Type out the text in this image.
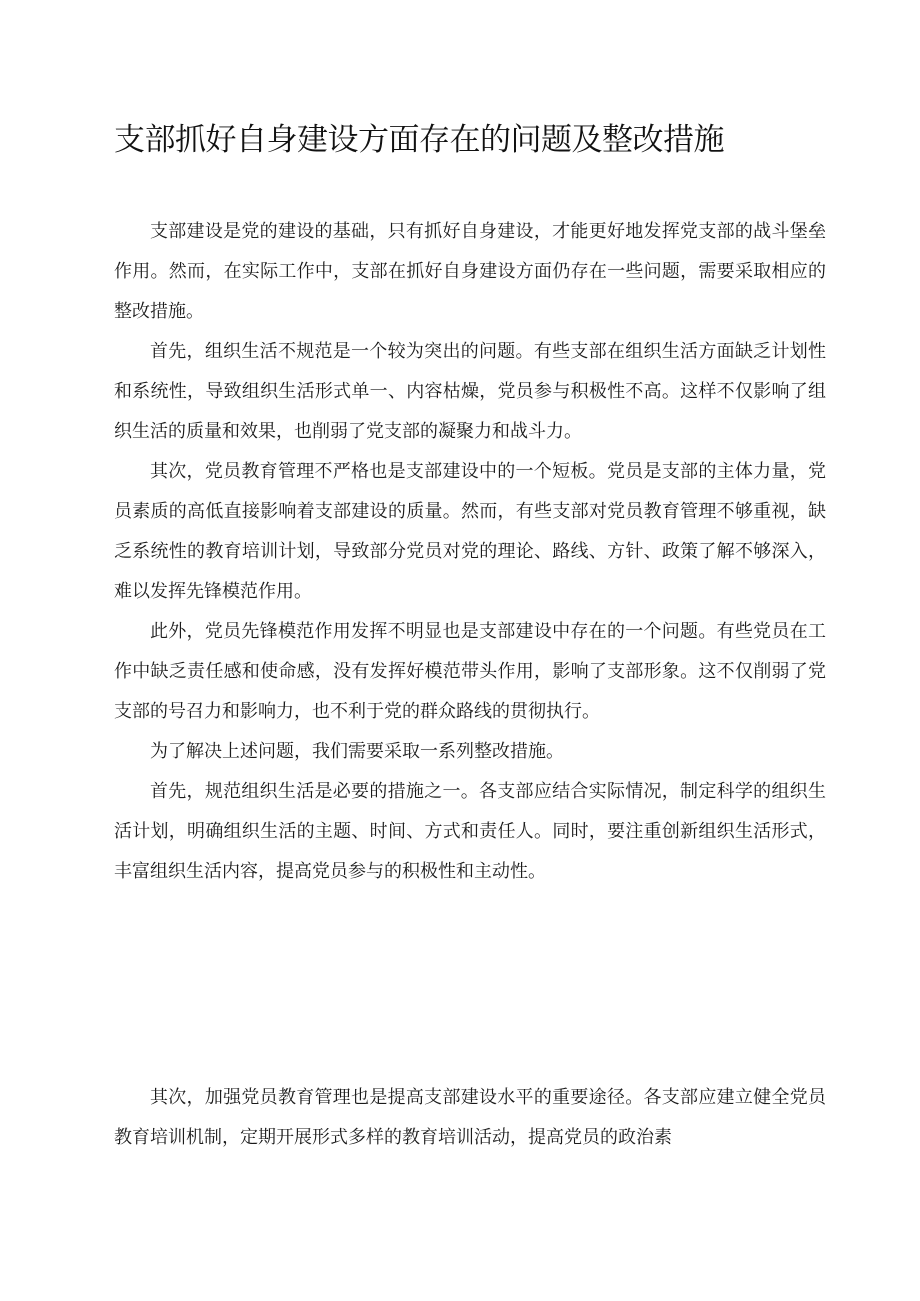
支部抓好自身建设方面存在的问题及整改措施

支部建设是党的建设的基础，只有抓好自身建设，才能更好地发挥党支部的战斗堡垒作用。然而，在实际工作中，支部在抓好自身建设方面仍存在一些问题，需要采取相应的整改措施。

首先，组织生活不规范是一个较为突出的问题。有些支部在组织生活方面缺乏计划性和系统性，导致组织生活形式单一、内容枯燥，党员参与积极性不高。这样不仅影响了组织生活的质量和效果，也削弱了党支部的凝聚力和战斗力。

其次，党员教育管理不严格也是支部建设中的一个短板。党员是支部的主体力量，党员素质的高低直接影响着支部建设的质量。然而，有些支部对党员教育管理不够重视，缺乏系统性的教育培训计划，导致部分党员对党的理论、路线、方针、政策了解不够深入，难以发挥先锋模范作用。

此外，党员先锋模范作用发挥不明显也是支部建设中存在的一个问题。有些党员在工作中缺乏责任感和使命感，没有发挥好模范带头作用，影响了支部形象。这不仅削弱了党支部的号召力和影响力，也不利于党的群众路线的贯彻执行。

为了解决上述问题，我们需要采取一系列整改措施。

首先，规范组织生活是必要的措施之一。各支部应结合实际情况，制定科学的组织生活计划，明确组织生活的主题、时间、方式和责任人。同时，要注重创新组织生活形式，丰富组织生活内容，提高党员参与的积极性和主动性。

其次，加强党员教育管理也是提高支部建设水平的重要途径。各支部应建立健全党员教育培训机制，定期开展形式多样的教育培训活动，提高党员的政治素
